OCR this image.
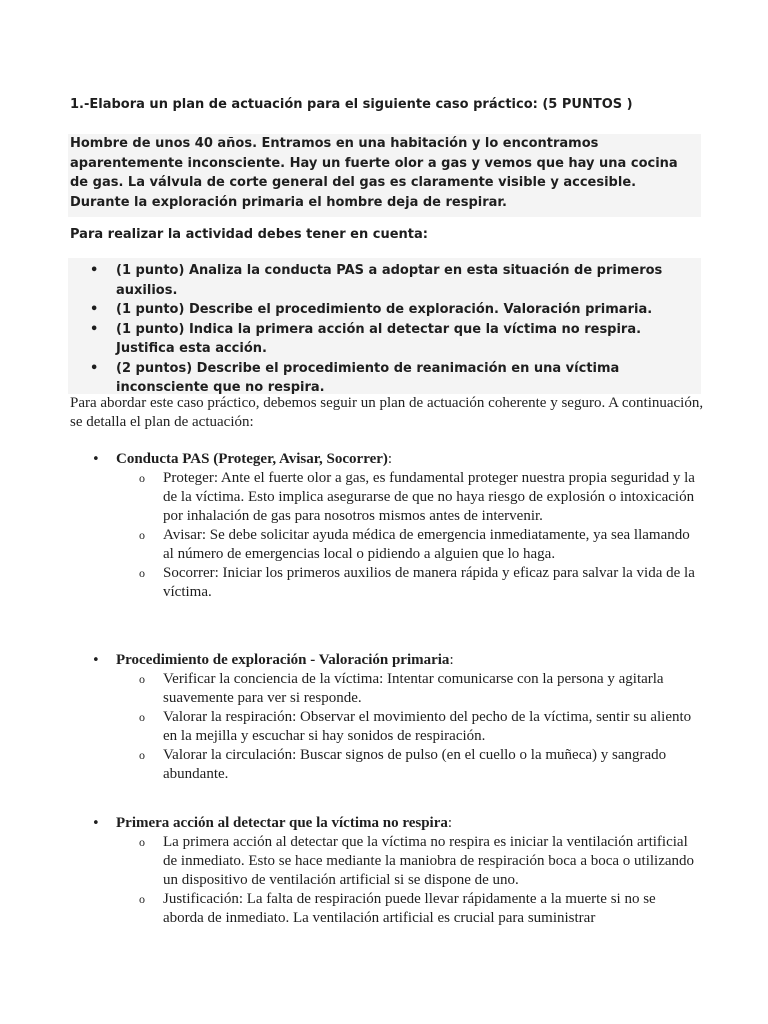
1.-Elabora un plan de actuación para el siguiente caso práctico: (5 PUNTOS )
Hombre de unos 40 años. Entramos en una habitación y lo encontramos aparentemente inconsciente. Hay un fuerte olor a gas y vemos que hay una cocina de gas. La válvula de corte general del gas es claramente visible y accesible. Durante la exploración primaria el hombre deja de respirar.
Para realizar la actividad debes tener en cuenta:
• (1 punto) Analiza la conducta PAS a adoptar en esta situación de primeros auxilios.
• (1 punto) Describe el procedimiento de exploración. Valoración primaria.
• (1 punto) Indica la primera acción al detectar que la víctima no respira. Justifica esta acción.
• (2 puntos) Describe el procedimiento de reanimación en una víctima inconsciente que no respira.
Para abordar este caso práctico, debemos seguir un plan de actuación coherente y seguro. A continuación, se detalla el plan de actuación:
• Conducta PAS (Proteger, Avisar, Socorrer):
o Proteger: Ante el fuerte olor a gas, es fundamental proteger nuestra propia seguridad y la de la víctima. Esto implica asegurarse de que no haya riesgo de explosión o intoxicación por inhalación de gas para nosotros mismos antes de intervenir.
o Avisar: Se debe solicitar ayuda médica de emergencia inmediatamente, ya sea llamando al número de emergencias local o pidiendo a alguien que lo haga.
o Socorrer: Iniciar los primeros auxilios de manera rápida y eficaz para salvar la vida de la víctima.
• Procedimiento de exploración - Valoración primaria:
o Verificar la conciencia de la víctima: Intentar comunicarse con la persona y agitarla suavemente para ver si responde.
o Valorar la respiración: Observar el movimiento del pecho de la víctima, sentir su aliento en la mejilla y escuchar si hay sonidos de respiración.
o Valorar la circulación: Buscar signos de pulso (en el cuello o la muñeca) y sangrado abundante.
• Primera acción al detectar que la víctima no respira:
o La primera acción al detectar que la víctima no respira es iniciar la ventilación artificial de inmediato. Esto se hace mediante la maniobra de respiración boca a boca o utilizando un dispositivo de ventilación artificial si se dispone de uno.
o Justificación: La falta de respiración puede llevar rápidamente a la muerte si no se aborda de inmediato. La ventilación artificial es crucial para suministrar
